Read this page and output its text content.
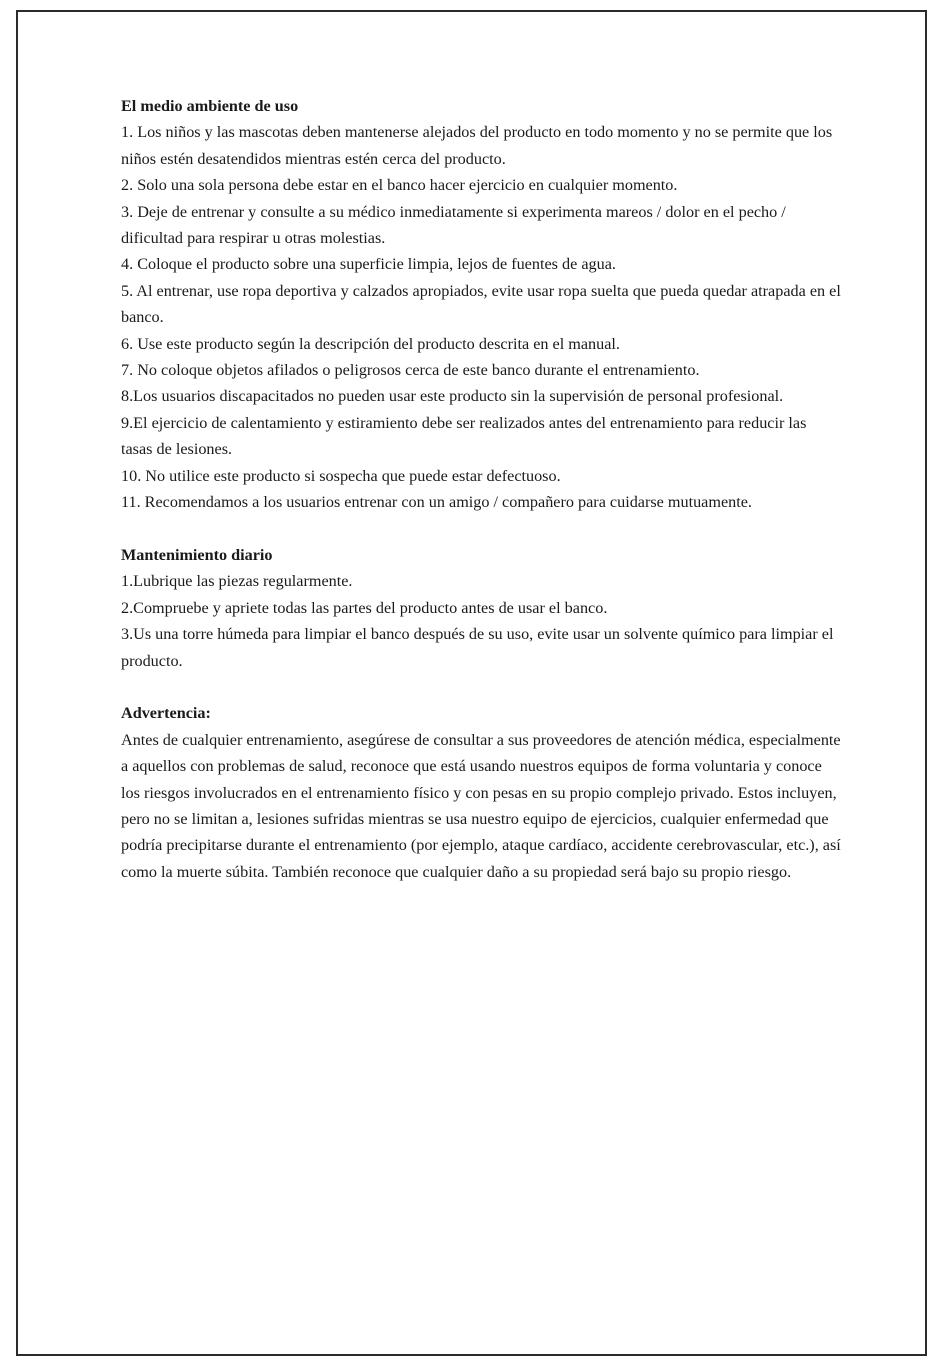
El medio ambiente de uso

1. Los niños y las mascotas deben mantenerse alejados del producto en todo momento y no se permite que los niños estén desatendidos mientras estén cerca del producto.

2. Solo una sola persona debe estar en el banco hacer ejercicio en cualquier momento.

3. Deje de entrenar y consulte a su médico inmediatamente si experimenta mareos / dolor en el pecho / dificultad para respirar u otras molestias.

4. Coloque el producto sobre una superficie limpia, lejos de fuentes de agua.

5. Al entrenar, use ropa deportiva y calzados apropiados, evite usar ropa suelta que pueda quedar atrapada en el banco.

6. Use este producto según la descripción del producto descrita en el manual.

7. No coloque objetos afilados o peligrosos cerca de este banco durante el entrenamiento.

8.Los usuarios discapacitados no pueden usar este producto sin la supervisión de personal profesional.

9.El ejercicio de calentamiento y estiramiento debe ser realizados antes del entrenamiento para reducir las tasas de lesiones.

10. No utilice este producto si sospecha que puede estar defectuoso.

11. Recomendamos a los usuarios entrenar con un amigo / compañero para cuidarse mutuamente.

Mantenimiento diario

1.Lubrique las piezas regularmente.

2.Compruebe y apriete todas las partes del producto antes de usar el banco.

3.Us una torre húmeda para limpiar el banco después de su uso, evite usar un solvente químico para limpiar el producto.

Advertencia:

Antes de cualquier entrenamiento, asegúrese de consultar a sus proveedores de atención médica, especialmente a aquellos con problemas de salud, reconoce que está usando nuestros equipos de forma voluntaria y conoce los riesgos involucrados en el entrenamiento físico y con pesas en su propio complejo privado. Estos incluyen, pero no se limitan a, lesiones sufridas mientras se usa nuestro equipo de ejercicios, cualquier enfermedad que podría precipitarse durante el entrenamiento (por ejemplo, ataque cardíaco, accidente cerebrovascular, etc.), así como la muerte súbita. También reconoce que cualquier daño a su propiedad será bajo su propio riesgo.
